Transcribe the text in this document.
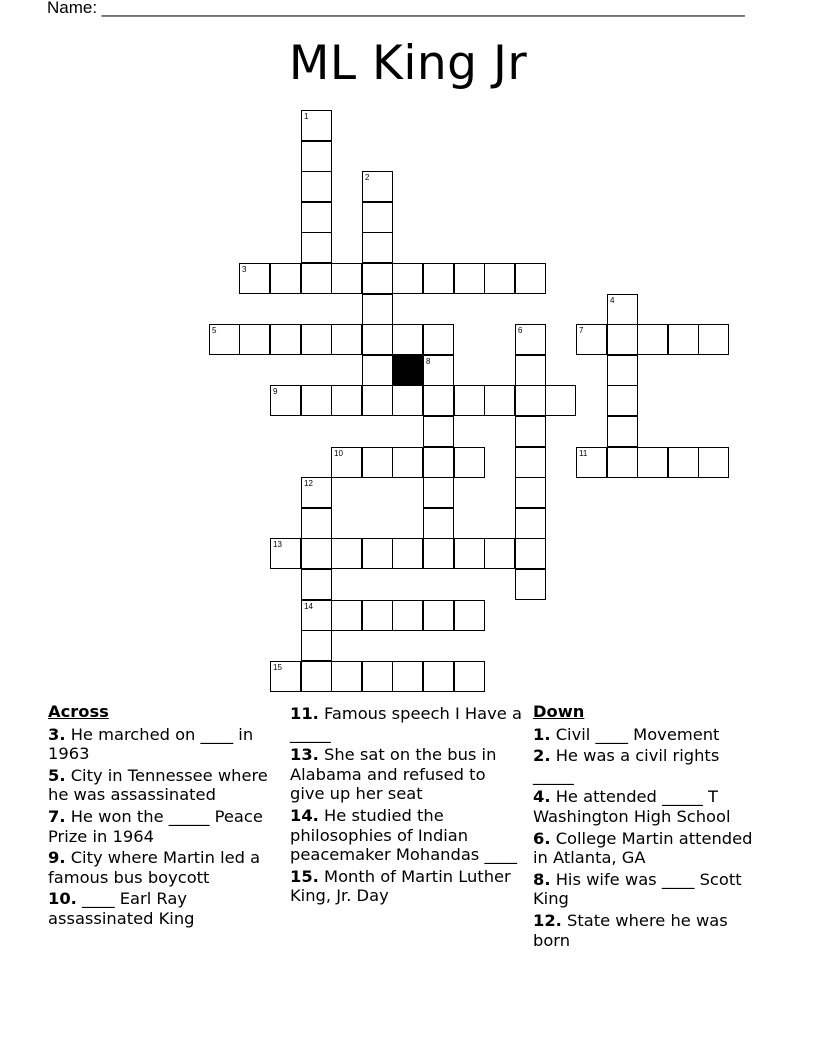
Name: ____________________________________________________________________
ML King Jr
1
2
3
4
5	6	7
8
9
10	11
12
13
14
15
Across
3. He marched on ____ in 1963
5. City in Tennessee where he was assassinated
7. He won the _____ Peace Prize in 1964
9. City where Martin led a famous bus boycott
10. ____ Earl Ray assassinated King
11. Famous speech I Have a _____
13. She sat on the bus in Alabama and refused to give up her seat
14. He studied the philosophies of Indian peacemaker Mohandas ____
15. Month of Martin Luther King, Jr. Day
Down
1. Civil ____ Movement
2. He was a civil rights _____
4. He attended _____ T Washington High School
6. College Martin attended in Atlanta, GA
8. His wife was ____ Scott King
12. State where he was born
